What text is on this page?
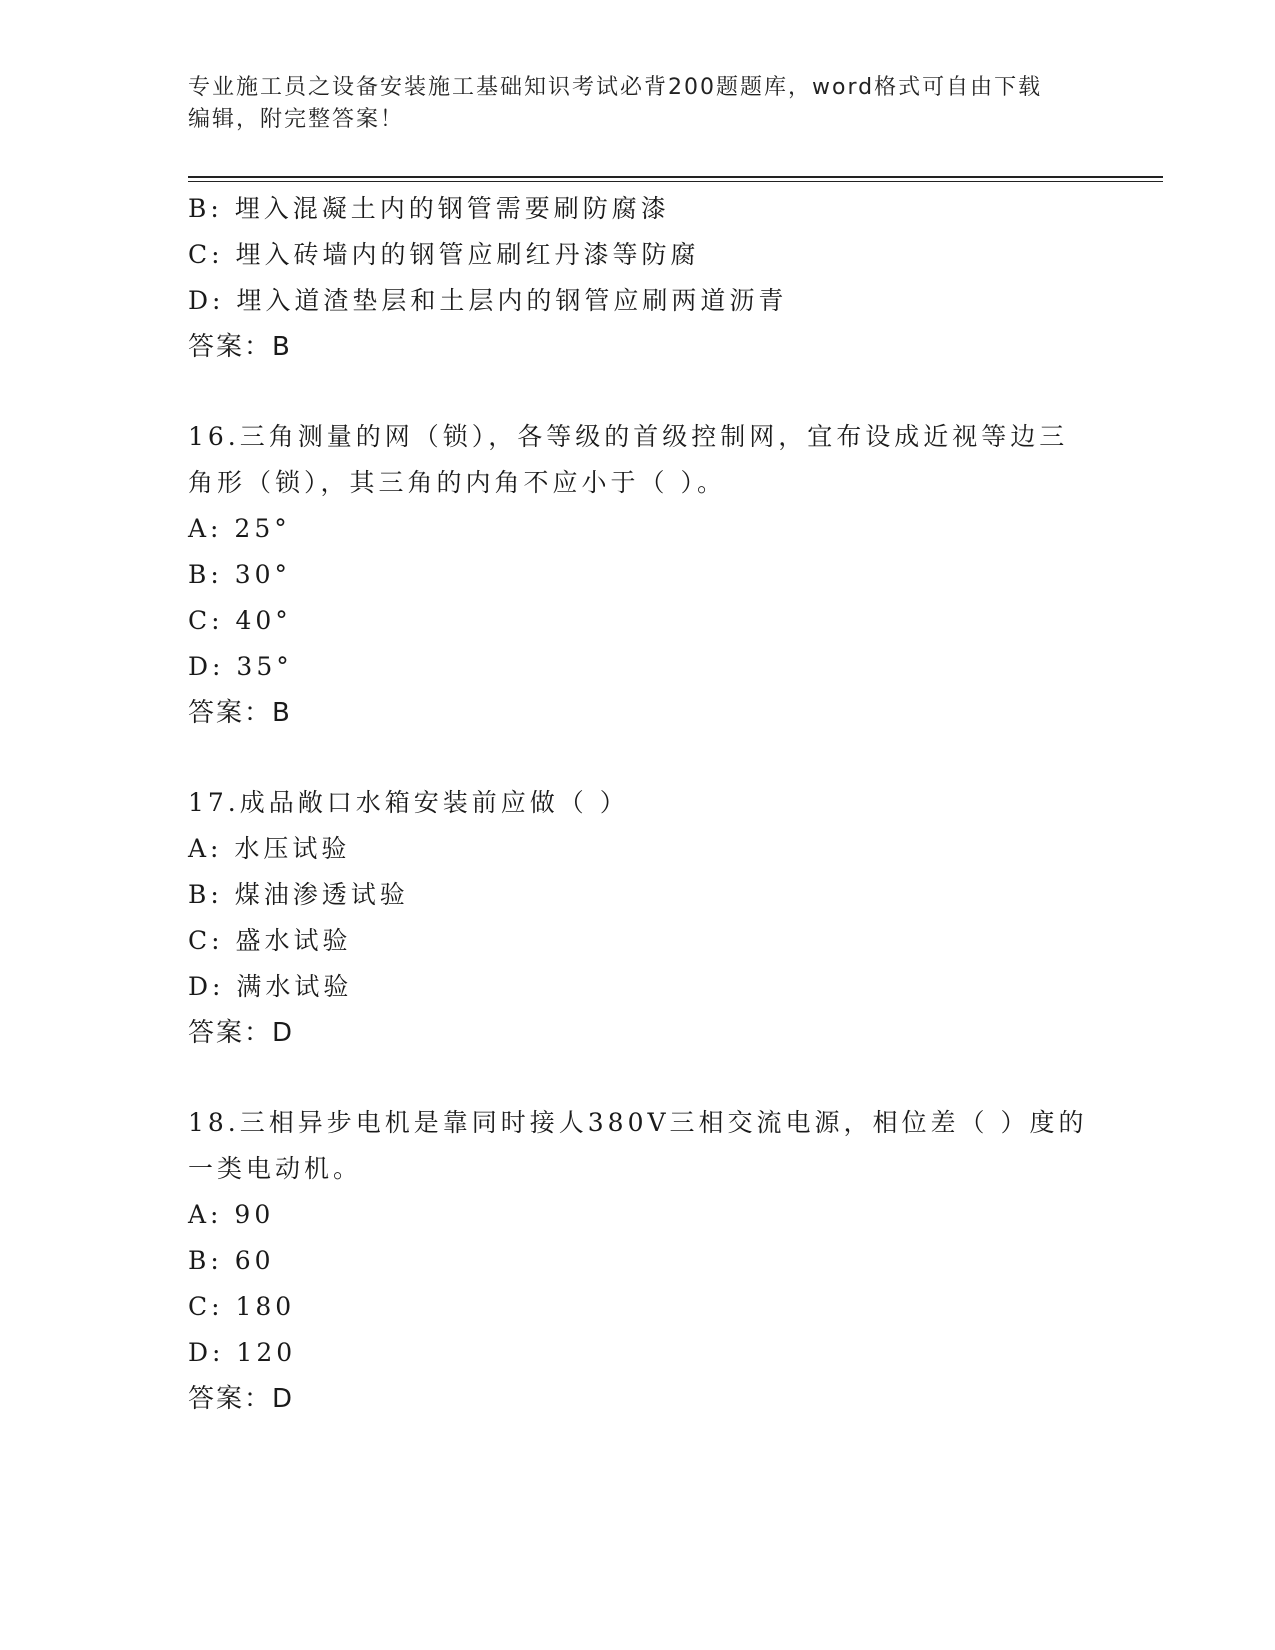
专业施工员之设备安装施工基础知识考试必背200题题库，word格式可自由下载
编辑，附完整答案！
B: 埋入混凝土内的钢管需要刷防腐漆
C: 埋入砖墙内的钢管应刷红丹漆等防腐
D: 埋入道渣垫层和土层内的钢管应刷两道沥青
答案：B
16.三角测量的网（锁），各等级的首级控制网，宜布设成近视等边三
角形（锁），其三角的内角不应小于（ ）。
A: 25°
B: 30°
C: 40°
D: 35°
答案：B
17.成品敞口水箱安装前应做（ ）
A: 水压试验
B: 煤油渗透试验
C: 盛水试验
D: 满水试验
答案：D
18.三相异步电机是靠同时接人380V三相交流电源，相位差（ ）度的
一类电动机。
A: 90
B: 60
C: 180
D: 120
答案：D
